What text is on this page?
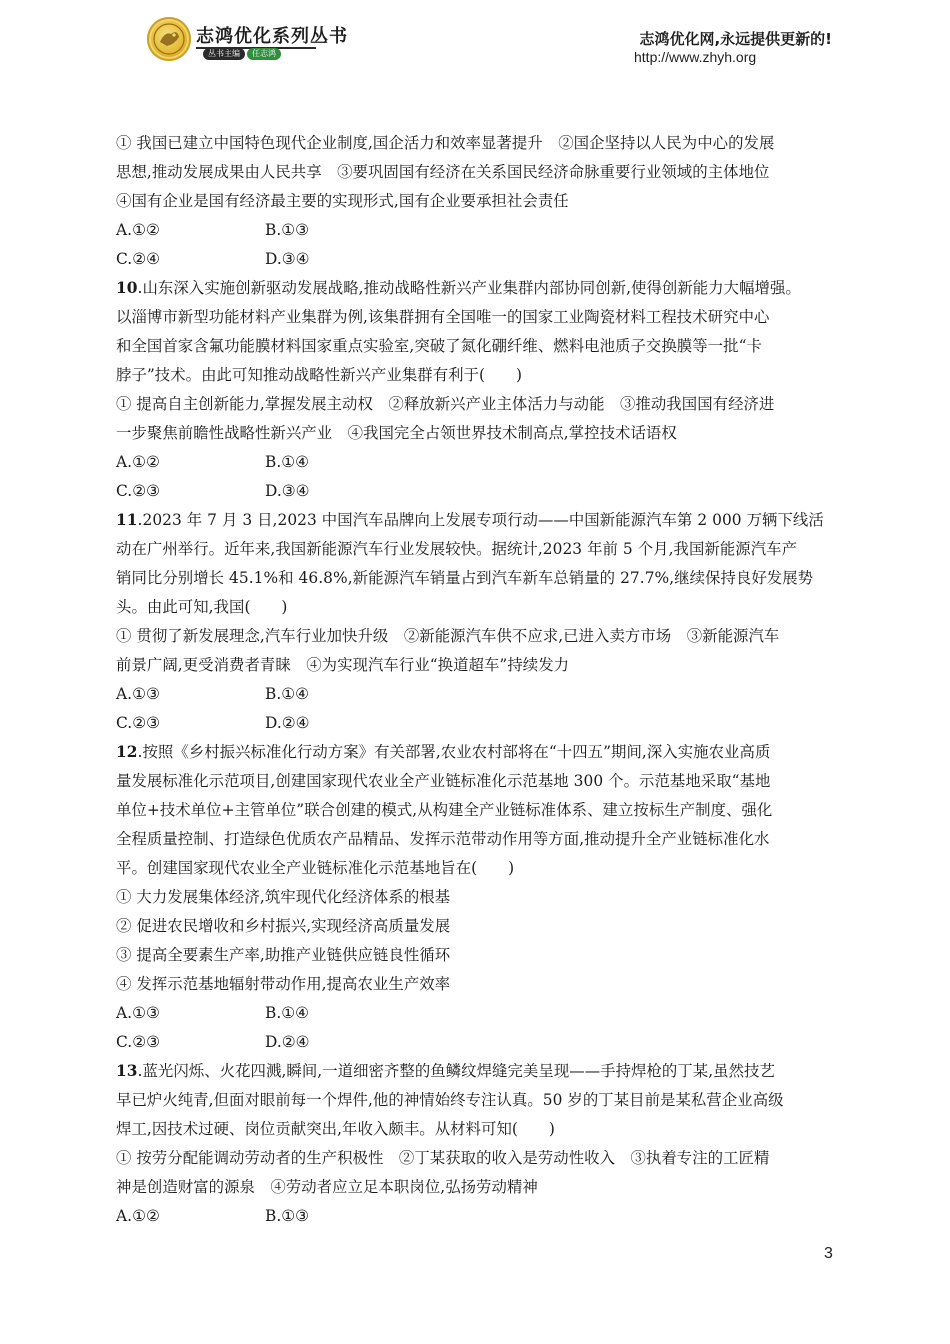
志鸿优化系列丛书
丛书主编	任志鸿
志鸿优化网,永远提供更新的!
http://www.zhyh.org
① 我国已建立中国特色现代企业制度,国企活力和效率显著提升　②国企坚持以人民为中心的发展
思想,推动发展成果由人民共享　③要巩固国有经济在关系国民经济命脉重要行业领域的主体地位
④国有企业是国有经济最主要的实现形式,国有企业要承担社会责任
A.①②	B.①③
C.②④	D.③④
10.山东深入实施创新驱动发展战略,推动战略性新兴产业集群内部协同创新,使得创新能力大幅增强。
以淄博市新型功能材料产业集群为例,该集群拥有全国唯一的国家工业陶瓷材料工程技术研究中心
和全国首家含氟功能膜材料国家重点实验室,突破了氮化硼纤维、燃料电池质子交换膜等一批“卡
脖子”技术。由此可知推动战略性新兴产业集群有利于(　　)
① 提高自主创新能力,掌握发展主动权　②释放新兴产业主体活力与动能　③推动我国国有经济进
一步聚焦前瞻性战略性新兴产业　④我国完全占领世界技术制高点,掌控技术话语权
A.①②	B.①④
C.②③	D.③④
11.2023 年 7 月 3 日,2023 中国汽车品牌向上发展专项行动——中国新能源汽车第 2 000 万辆下线活
动在广州举行。近年来,我国新能源汽车行业发展较快。据统计,2023 年前 5 个月,我国新能源汽车产
销同比分别增长 45.1%和 46.8%,新能源汽车销量占到汽车新车总销量的 27.7%,继续保持良好发展势
头。由此可知,我国(　　)
① 贯彻了新发展理念,汽车行业加快升级　②新能源汽车供不应求,已进入卖方市场　③新能源汽车
前景广阔,更受消费者青睐　④为实现汽车行业“换道超车”持续发力
A.①③	B.①④
C.②③	D.②④
12.按照《乡村振兴标准化行动方案》有关部署,农业农村部将在“十四五”期间,深入实施农业高质
量发展标准化示范项目,创建国家现代农业全产业链标准化示范基地 300 个。示范基地采取“基地
单位+技术单位+主管单位”联合创建的模式,从构建全产业链标准体系、建立按标生产制度、强化
全程质量控制、打造绿色优质农产品精品、发挥示范带动作用等方面,推动提升全产业链标准化水
平。创建国家现代农业全产业链标准化示范基地旨在(　　)
① 大力发展集体经济,筑牢现代化经济体系的根基
② 促进农民增收和乡村振兴,实现经济高质量发展
③ 提高全要素生产率,助推产业链供应链良性循环
④ 发挥示范基地辐射带动作用,提高农业生产效率
A.①③	B.①④
C.②③	D.②④
13.蓝光闪烁、火花四溅,瞬间,一道细密齐整的鱼鳞纹焊缝完美呈现——手持焊枪的丁某,虽然技艺
早已炉火纯青,但面对眼前每一个焊件,他的神情始终专注认真。50 岁的丁某目前是某私营企业高级
焊工,因技术过硬、岗位贡献突出,年收入颇丰。从材料可知(　　)
① 按劳分配能调动劳动者的生产积极性　②丁某获取的收入是劳动性收入　③执着专注的工匠精
神是创造财富的源泉　④劳动者应立足本职岗位,弘扬劳动精神
A.①②	B.①③
3
